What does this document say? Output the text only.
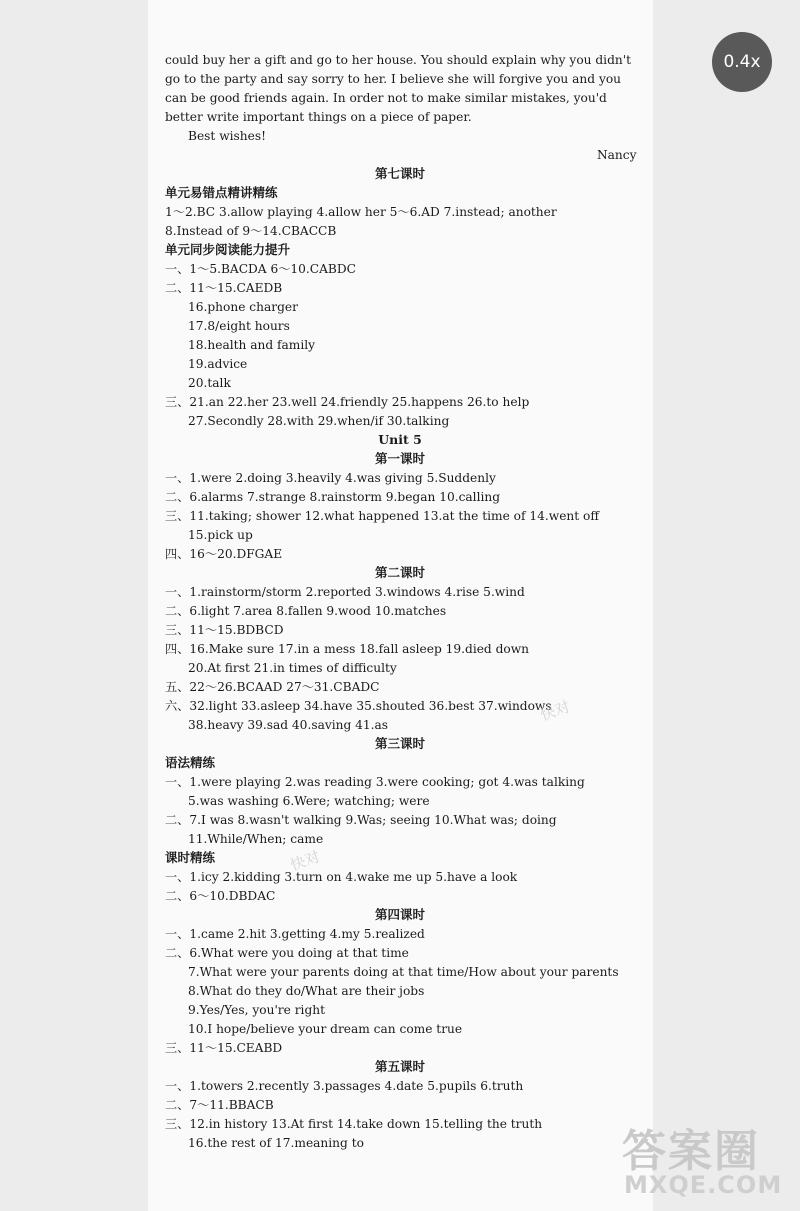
could buy her a gift and go to her house. You should explain why you didn't
go to the party and say sorry to her. I believe she will forgive you and you
can be good friends again. In order not to make similar mistakes, you'd
better write important things on a piece of paper.
Best wishes!
Nancy
第七课时
单元易错点精讲精练
1～2.BC 3.allow playing 4.allow her 5～6.AD 7.instead; another
8.Instead of 9～14.CBACCB
单元同步阅读能力提升
一、1～5.BACDA 6～10.CABDC
二、11～15.CAEDB
16.phone charger
17.8/eight hours
18.health and family
19.advice
20.talk
三、21.an 22.her 23.well 24.friendly 25.happens 26.to help
27.Secondly 28.with 29.when/if 30.talking
Unit 5
第一课时
一、1.were 2.doing 3.heavily 4.was giving 5.Suddenly
二、6.alarms 7.strange 8.rainstorm 9.began 10.calling
三、11.taking; shower 12.what happened 13.at the time of 14.went off
15.pick up
四、16～20.DFGAE
第二课时
一、1.rainstorm/storm 2.reported 3.windows 4.rise 5.wind
二、6.light 7.area 8.fallen 9.wood 10.matches
三、11～15.BDBCD
四、16.Make sure 17.in a mess 18.fall asleep 19.died down
20.At first 21.in times of difficulty
五、22～26.BCAAD 27～31.CBADC
六、32.light 33.asleep 34.have 35.shouted 36.best 37.windows
38.heavy 39.sad 40.saving 41.as
第三课时
语法精练
一、1.were playing 2.was reading 3.were cooking; got 4.was talking
5.was washing 6.Were; watching; were
二、7.I was 8.wasn't walking 9.Was; seeing 10.What was; doing
11.While/When; came
课时精练
一、1.icy 2.kidding 3.turn on 4.wake me up 5.have a look
二、6～10.DBDAC
第四课时
一、1.came 2.hit 3.getting 4.my 5.realized
二、6.What were you doing at that time
7.What were your parents doing at that time/How about your parents
8.What do they do/What are their jobs
9.Yes/Yes, you're right
10.I hope/believe your dream can come true
三、11～15.CEABD
第五课时
一、1.towers 2.recently 3.passages 4.date 5.pupils 6.truth
二、7～11.BBACB
三、12.in history 13.At first 14.take down 15.telling the truth
16.the rest of 17.meaning to
快对
快对
0.4x
答案圈
MXQE.COM
